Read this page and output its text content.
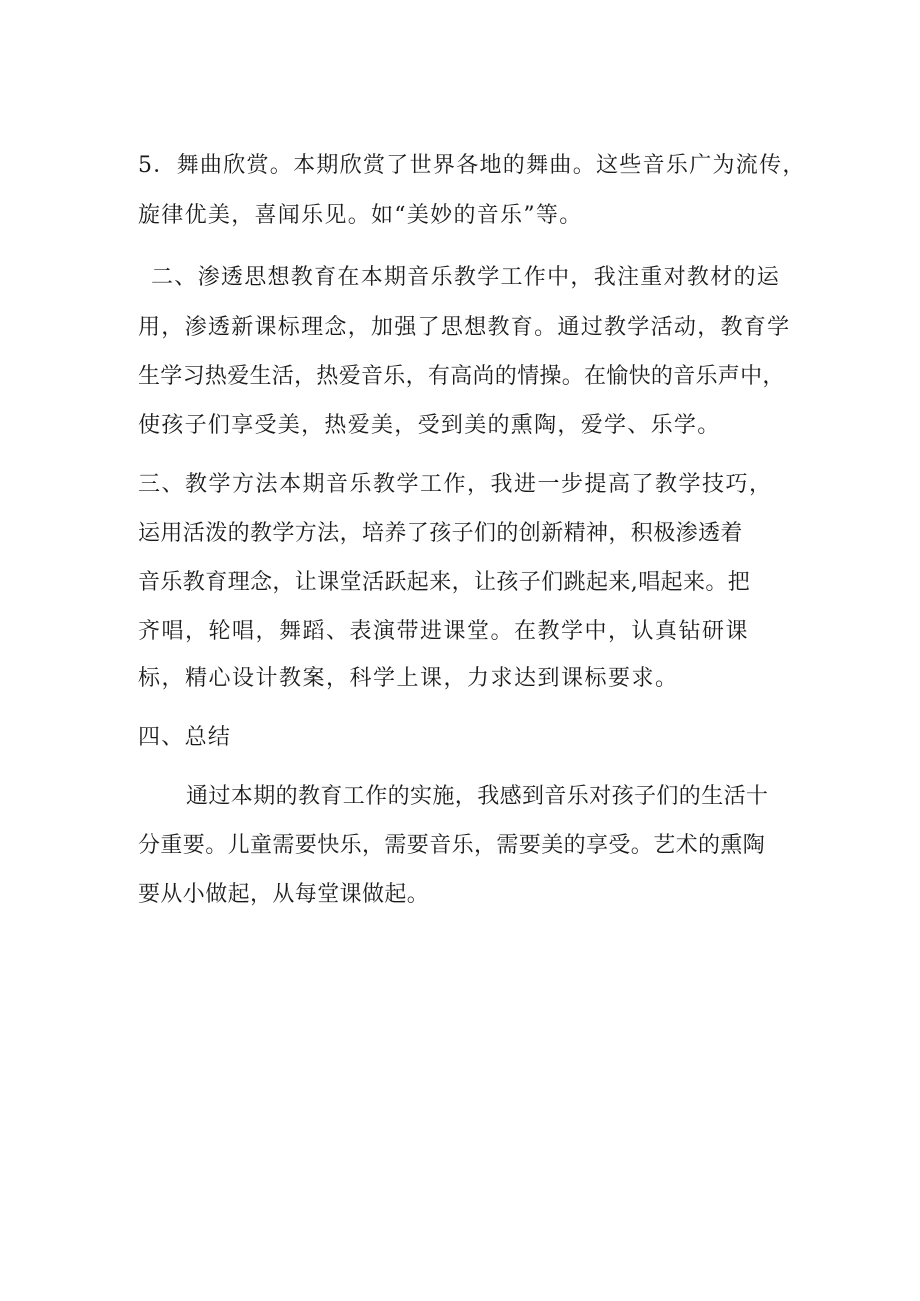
5．舞曲欣赏。本期欣赏了世界各地的舞曲。这些音乐广为流传，
旋律优美，喜闻乐见。如“美妙的音乐”等。
二、渗透思想教育在本期音乐教学工作中，我注重对教材的运
用，渗透新课标理念，加强了思想教育。通过教学活动，教育学
生学习热爱生活，热爱音乐，有高尚的情操。在愉快的音乐声中，
使孩子们享受美，热爱美，受到美的熏陶，爱学、乐学。
三、教学方法本期音乐教学工作，我进一步提高了教学技巧，
运用活泼的教学方法，培养了孩子们的创新精神，积极渗透着
音乐教育理念，让课堂活跃起来，让孩子们跳起来,唱起来。把
齐唱，轮唱，舞蹈、表演带进课堂。在教学中，认真钻研课
标，精心设计教案，科学上课，力求达到课标要求。
四、总结
通过本期的教育工作的实施，我感到音乐对孩子们的生活十
分重要。儿童需要快乐，需要音乐，需要美的享受。艺术的熏陶
要从小做起，从每堂课做起。
